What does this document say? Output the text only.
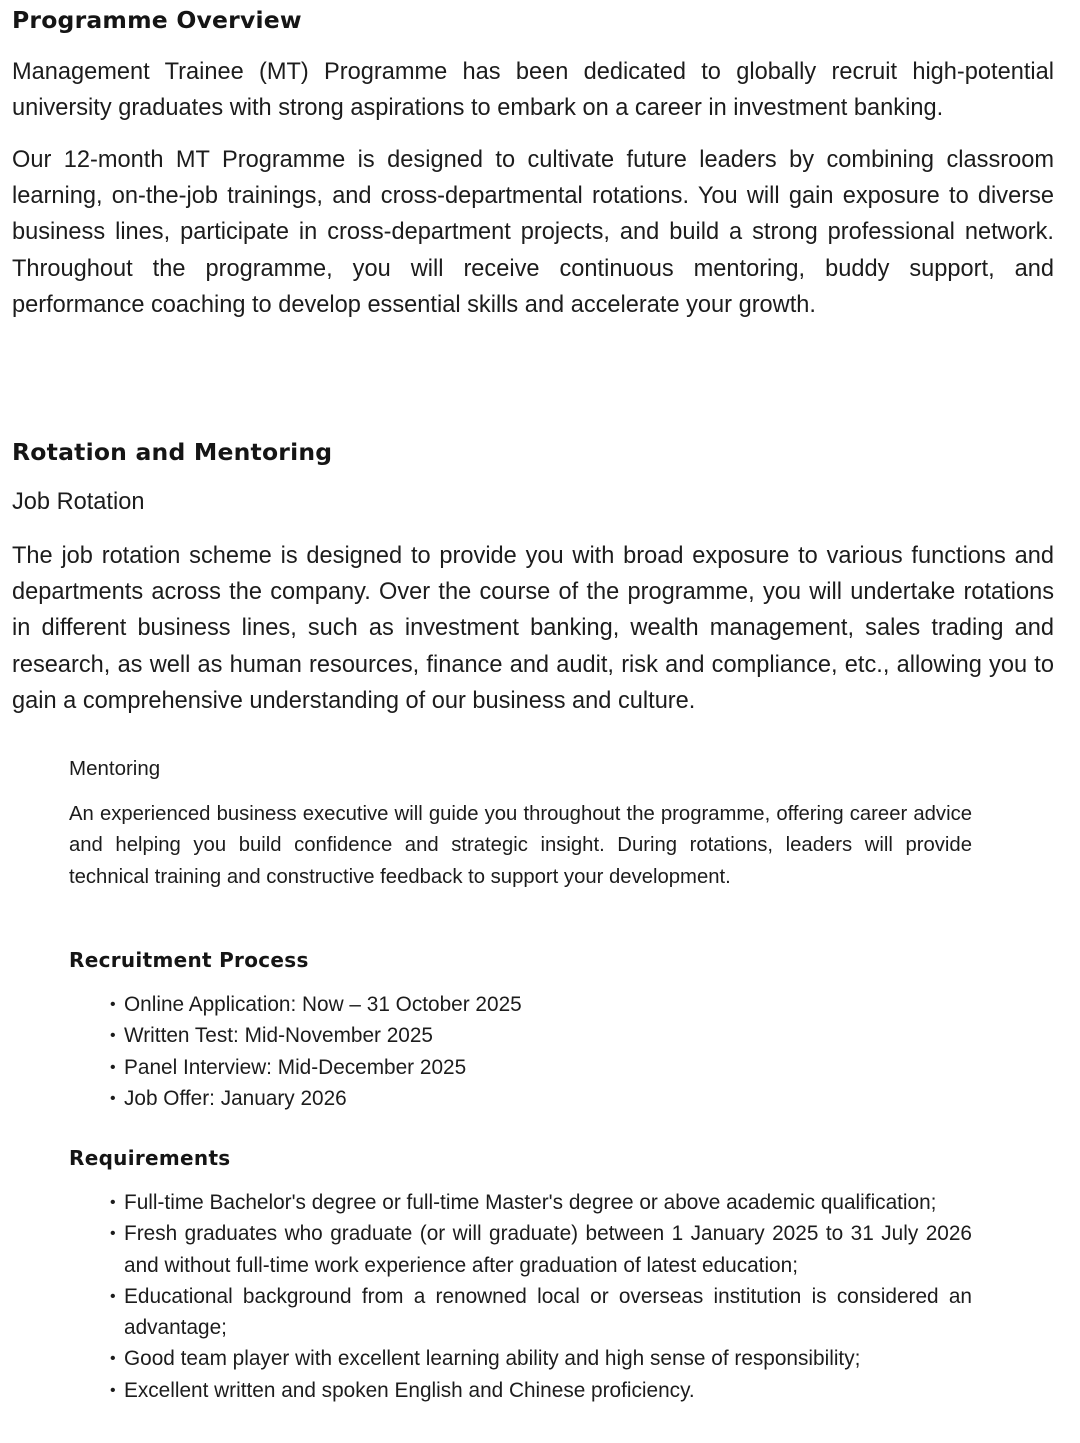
Programme Overview

Management Trainee (MT) Programme has been dedicated to globally recruit high-potential university graduates with strong aspirations to embark on a career in investment banking.

Our 12-month MT Programme is designed to cultivate future leaders by combining classroom learning, on-the-job trainings, and cross-departmental rotations. You will gain exposure to diverse business lines, participate in cross-department projects, and build a strong professional network. Throughout the programme, you will receive continuous mentoring, buddy support, and performance coaching to develop essential skills and accelerate your growth.

Rotation and Mentoring
Job Rotation

The job rotation scheme is designed to provide you with broad exposure to various functions and departments across the company. Over the course of the programme, you will undertake rotations in different business lines, such as investment banking, wealth management, sales trading and research, as well as human resources, finance and audit, risk and compliance, etc., allowing you to gain a comprehensive understanding of our business and culture.

Mentoring

An experienced business executive will guide you throughout the programme, offering career advice and helping you build confidence and strategic insight. During rotations, leaders will provide technical training and constructive feedback to support your development.

Recruitment Process
• Online Application: Now – 31 October 2025
• Written Test: Mid-November 2025
• Panel Interview: Mid-December 2025
• Job Offer: January 2026
Requirements
• Full-time Bachelor's degree or full-time Master's degree or above academic qualification;
• Fresh graduates who graduate (or will graduate) between 1 January 2025 to 31 July 2026 and without full-time work experience after graduation of latest education;
• Educational background from a renowned local or overseas institution is considered an advantage;
• Good team player with excellent learning ability and high sense of responsibility;
• Excellent written and spoken English and Chinese proficiency.
